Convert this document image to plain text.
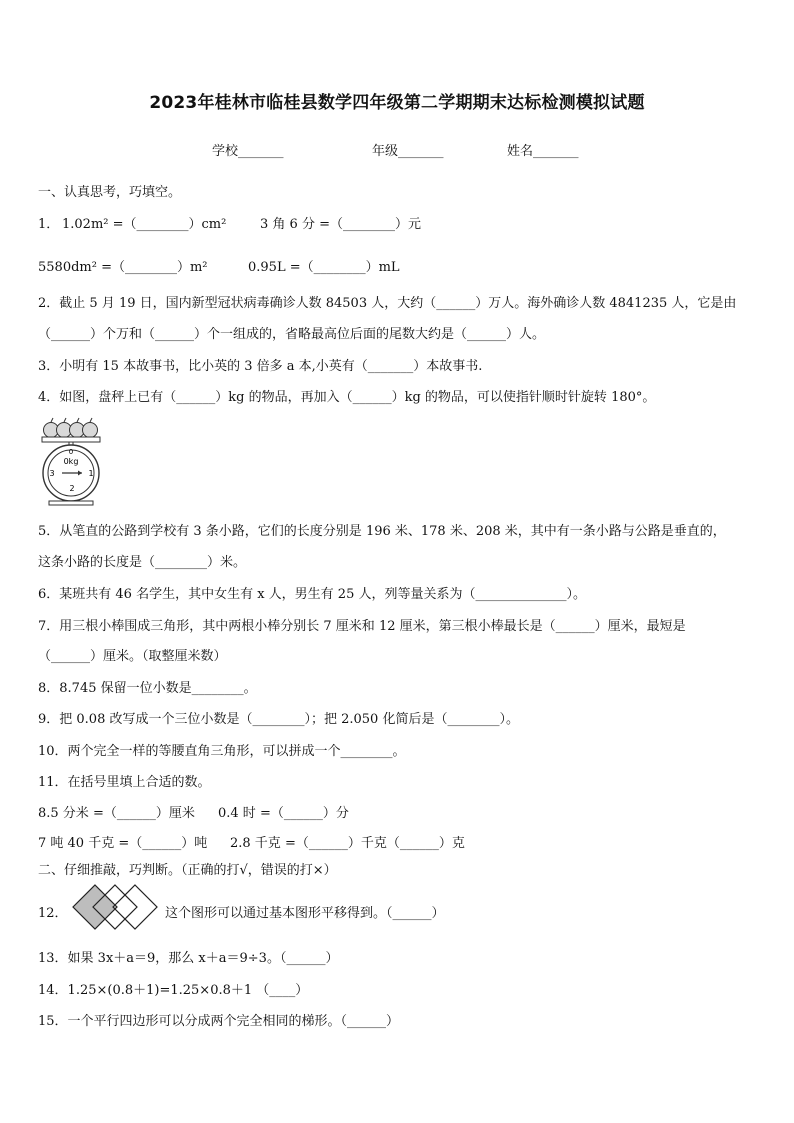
2023年桂林市临桂县数学四年级第二学期期末达标检测模拟试题
学校_______	年级_______	姓名_______
一、认真思考，巧填空。
1． 1.02m² =（________）cm²	3 角 6 分 =（________）元
5580dm² =（________）m²	0.95L =（________）mL
2．截止 5 月 19 日，国内新型冠状病毒确诊人数 84503 人，大约（______）万人。海外确诊人数 4841235 人，它是由
（______）个万和（______）个一组成的，省略最高位后面的尾数大约是（______）人。
3．小明有 15 本故事书，比小英的 3 倍多 a 本,小英有（_______）本故事书.
4．如图，盘秤上已有（______）kg 的物品，再加入（______）kg 的物品，可以使指针顺时针旋转 180°。
0
0kg
1
3
2
5．从笔直的公路到学校有 3 条小路，它们的长度分别是 196 米、178 米、208 米，其中有一条小路与公路是垂直的，
这条小路的长度是（________）米。
6．某班共有 46 名学生，其中女生有 x 人，男生有 25 人，列等量关系为（______________）。
7．用三根小棒围成三角形，其中两根小棒分别长 7 厘米和 12 厘米，第三根小棒最长是（______）厘米，最短是
（______）厘米。（取整厘米数）
8．8.745 保留一位小数是________。
9．把 0.08 改写成一个三位小数是（________）；把 2.050 化简后是（________）。
10．两个完全一样的等腰直角三角形，可以拼成一个________。
11．在括号里填上合适的数。
8.5 分米 =（______）厘米 0.4 时 =（______）分
7 吨 40 千克 =（______）吨 2.8 千克 =（______）千克（______）克
二、仔细推敲，巧判断。（正确的打√，错误的打×）
12．	这个图形可以通过基本图形平移得到。（______）
13．如果 3x＋a＝9，那么 x＋a＝9÷3。（______）
14．1.25×(0.8＋1)=1.25×0.8＋1 （____）
15．一个平行四边形可以分成两个完全相同的梯形。（______）
